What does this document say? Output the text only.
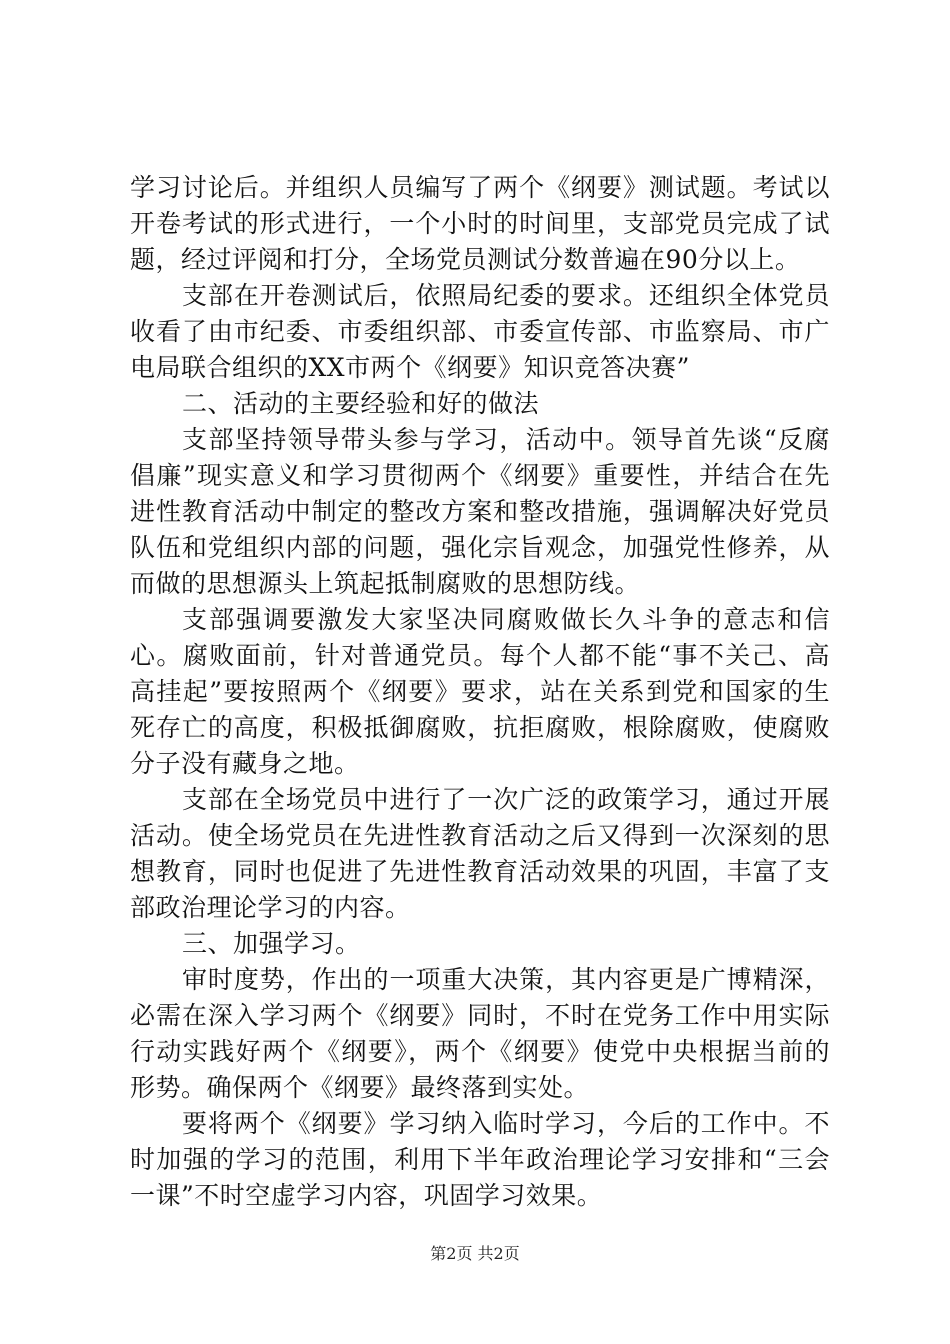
学习讨论后。并组织人员编写了两个《纲要》测试题。考试以开卷考试的形式进行，一个小时的时间里，支部党员完成了试题，经过评阅和打分，全场党员测试分数普遍在90分以上。

支部在开卷测试后，依照局纪委的要求。还组织全体党员收看了由市纪委、市委组织部、市委宣传部、市监察局、市广电局联合组织的XX市两个《纲要》知识竞答决赛”

二、活动的主要经验和好的做法

支部坚持领导带头参与学习，活动中。领导首先谈“反腐倡廉”现实意义和学习贯彻两个《纲要》重要性，并结合在先进性教育活动中制定的整改方案和整改措施，强调解决好党员队伍和党组织内部的问题，强化宗旨观念，加强党性修养，从而做的思想源头上筑起抵制腐败的思想防线。

支部强调要激发大家坚决同腐败做长久斗争的意志和信心。腐败面前，针对普通党员。每个人都不能“事不关己、高高挂起”要按照两个《纲要》要求，站在关系到党和国家的生死存亡的高度，积极抵御腐败，抗拒腐败，根除腐败，使腐败分子没有藏身之地。

支部在全场党员中进行了一次广泛的政策学习，通过开展活动。使全场党员在先进性教育活动之后又得到一次深刻的思想教育，同时也促进了先进性教育活动效果的巩固，丰富了支部政治理论学习的内容。

三、加强学习。

审时度势，作出的一项重大决策，其内容更是广博精深，必需在深入学习两个《纲要》同时，不时在党务工作中用实际行动实践好两个《纲要》，两个《纲要》使党中央根据当前的形势。确保两个《纲要》最终落到实处。

要将两个《纲要》学习纳入临时学习，今后的工作中。不时加强的学习的范围，利用下半年政治理论学习安排和“三会一课”不时空虚学习内容，巩固学习效果。

第2页 共2页
